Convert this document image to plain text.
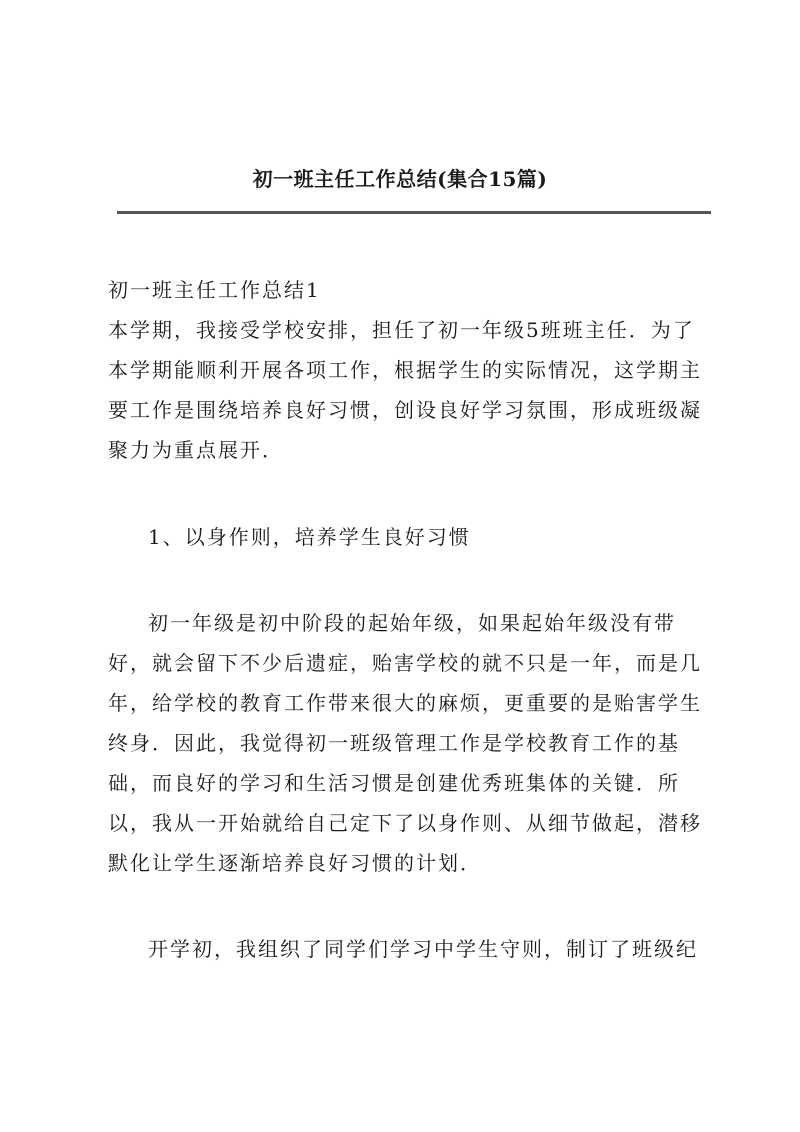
初一班主任工作总结(集合15篇)

初一班主任工作总结1

本学期，我接受学校安排，担任了初一年级5班班主任．为了本学期能顺利开展各项工作，根据学生的实际情况，这学期主要工作是围绕培养良好习惯，创设良好学习氛围，形成班级凝聚力为重点展开．

1、以身作则，培养学生良好习惯

初一年级是初中阶段的起始年级，如果起始年级没有带好，就会留下不少后遗症，贻害学校的就不只是一年，而是几年，给学校的教育工作带来很大的麻烦，更重要的是贻害学生终身．因此，我觉得初一班级管理工作是学校教育工作的基础，而良好的学习和生活习惯是创建优秀班集体的关键．所以，我从一开始就给自己定下了以身作则、从细节做起，潜移默化让学生逐渐培养良好习惯的计划．

开学初，我组织了同学们学习中学生守则，制订了班级纪
